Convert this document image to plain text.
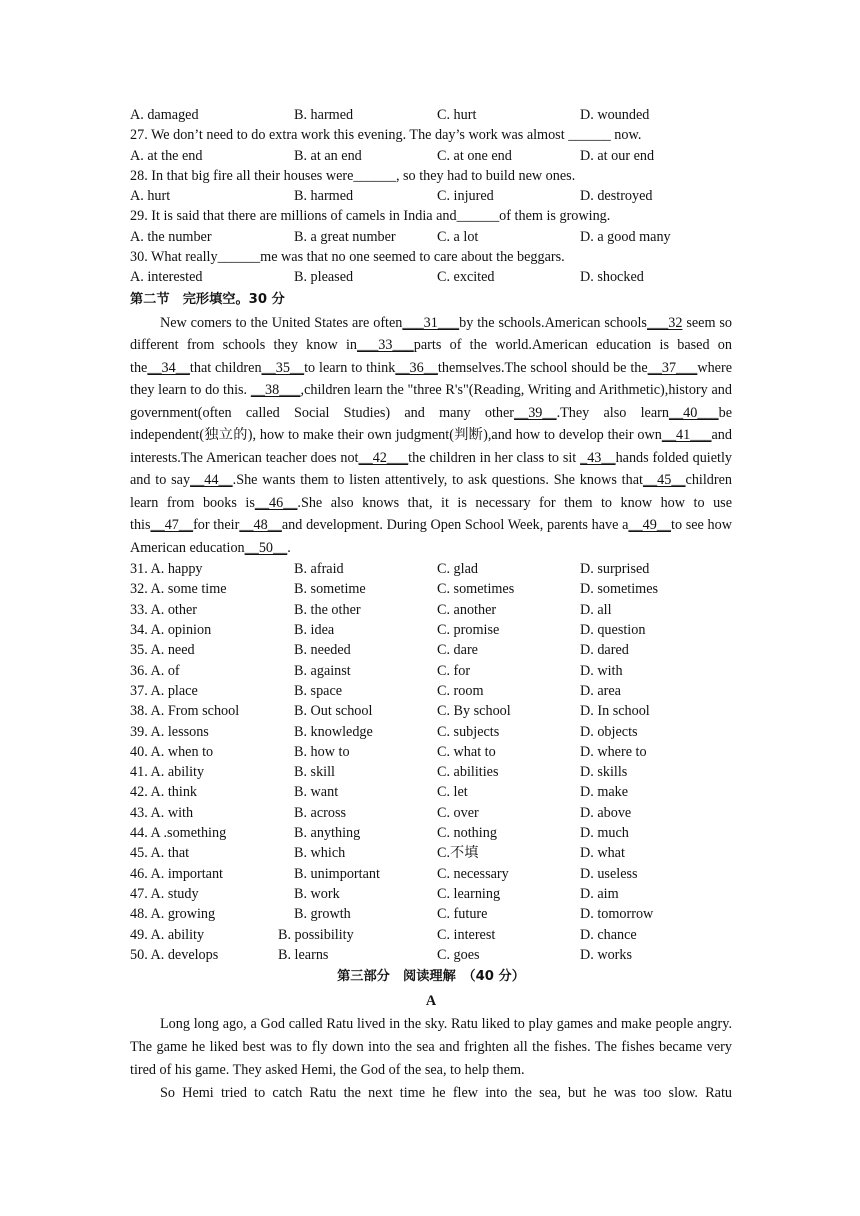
A. damaged	B. harmed	C. hurt	D. wounded
27. We don’t need to do extra work this evening. The day’s work was almost ______ now.
A. at the end	B. at an end	C. at one end	D. at our end
28. In that big fire all their houses were______, so they had to build new ones.
A. hurt	B. harmed	C. injured	D. destroyed
29. It is said that there are millions of camels in India and______of them is growing.
A. the number	B. a great number	C. a lot	D. a good many
30. What really______me was that no one seemed to care about the beggars.
A. interested	B. pleased	C. excited	D. shocked
第二节　完形填空。30 分

New comers to the United States are often___31___by the schools.American schools___32 seem so different from schools they know in___33___parts of the world.American education is based on the__34__that children__35__to learn to think__36__themselves.The school should be the__37___where they learn to do this. __38___,children learn the "three R's"(Reading, Writing and Arithmetic),history and government(often called Social Studies) and many other__39__.They also learn__40___be independent(独立的), how to make their own judgment(判断),and how to develop their own__41___and interests.The American teacher does not__42___the children in her class to sit _43__hands folded quietly and to say__44__.She wants them to listen attentively, to ask questions. She knows that__45__children learn from books is__46__.She also knows that, it is necessary for them to know how to use this__47__for their__48__and development. During Open School Week, parents have a__49__to see how American education__50__.

31. A. happy	B. afraid	C. glad	D. surprised
32. A. some time	B. sometime	C. sometimes	D. sometimes
33. A. other	B. the other	C. another	D. all
34. A. opinion	B. idea	C. promise	D. question
35. A. need	B. needed	C. dare	D. dared
36. A. of	B. against	C. for	D. with
37. A. place	B. space	C. room	D. area
38. A. From school	B. Out school	C. By school	D. In school
39. A. lessons	B. knowledge	C. subjects	D. objects
40. A. when to	B. how to	C. what to	D. where to
41. A. ability	B. skill	C. abilities	D. skills
42. A. think	B. want	C. let	D. make
43. A. with	B. across	C. over	D. above
44. A .something	B. anything	C. nothing	D. much
45. A. that	B. which	C.不填	D. what
46. A. important	B. unimportant	C. necessary	D. useless
47. A. study	B. work	C. learning	D. aim
48. A. growing	B. growth	C. future	D. tomorrow
49. A. ability	B. possibility	C. interest	D. chance
50. A. develops	B. learns	C. goes	D. works
第三部分　阅读理解　（40 分）
A

Long long ago, a God called Ratu lived in the sky. Ratu liked to play games and make people angry. The game he liked best was to fly down into the sea and frighten all the fishes. The fishes became very tired of his game. They asked Hemi, the God of the sea, to help them.

So Hemi tried to catch Ratu the next time he flew into the sea, but he was too slow. Ratu
